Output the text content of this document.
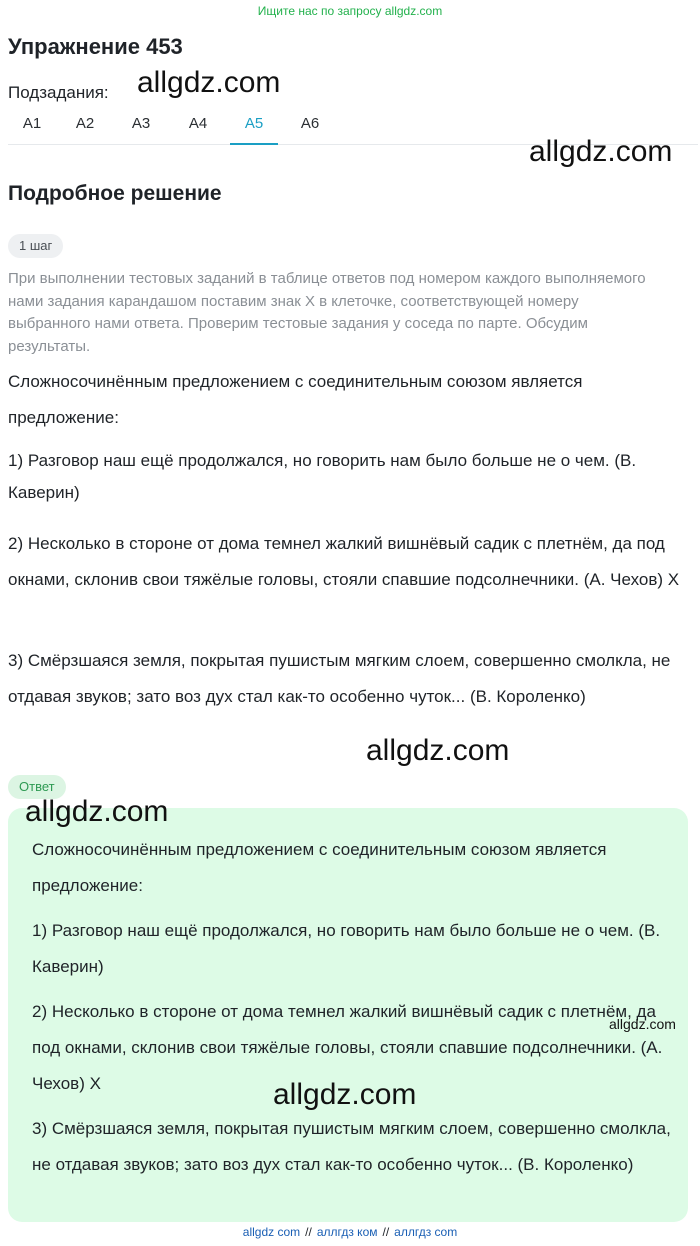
Ищите нас по запросу allgdz.com
Упражнение 453
Подзадания:
A1	A2	A3	A4	A5	A6
Подробное решение
1 шаг

При выполнении тестовых заданий в таблице ответов под номером каждого выполняемого нами задания карандашом поставим знак X в клеточке, соответствующей номеру выбранного нами ответа. Проверим тестовые задания у соседа по парте. Обсудим результаты.

Сложносочинённым предложением с соединительным союзом является предложение:

1) Разговор наш ещё продолжался, но говорить нам было больше не о чем. (В. Каверин)

2) Несколько в стороне от дома темнел жалкий вишнёвый садик с плетнём, да под окнами, склонив свои тяжёлые головы, стояли спавшие подсолнечники. (А. Чехов) X

3) Смёрзшаяся земля, покрытая пушистым мягким слоем, совершенно смолкла, не отдавая звуков; зато воз дух стал как-то особенно чуток... (В. Короленко)

Ответ

Сложносочинённым предложением с соединительным союзом является предложение:

1) Разговор наш ещё продолжался, но говорить нам было больше не о чем. (В. Каверин)

2) Несколько в стороне от дома темнел жалкий вишнёвый садик с плетнём, да под окнами, склонив свои тяжёлые головы, стояли спавшие подсолнечники. (А. Чехов) X

3) Смёрзшаяся земля, покрытая пушистым мягким слоем, совершенно смолкла, не отдавая звуков; зато воз дух стал как-то особенно чуток... (В. Короленко)

allgdz.com
allgdz.com
allgdz.com
allgdz.com
allgdz.com
allgdz.com
allgdz com // аллгдз ком // аллгдз com
